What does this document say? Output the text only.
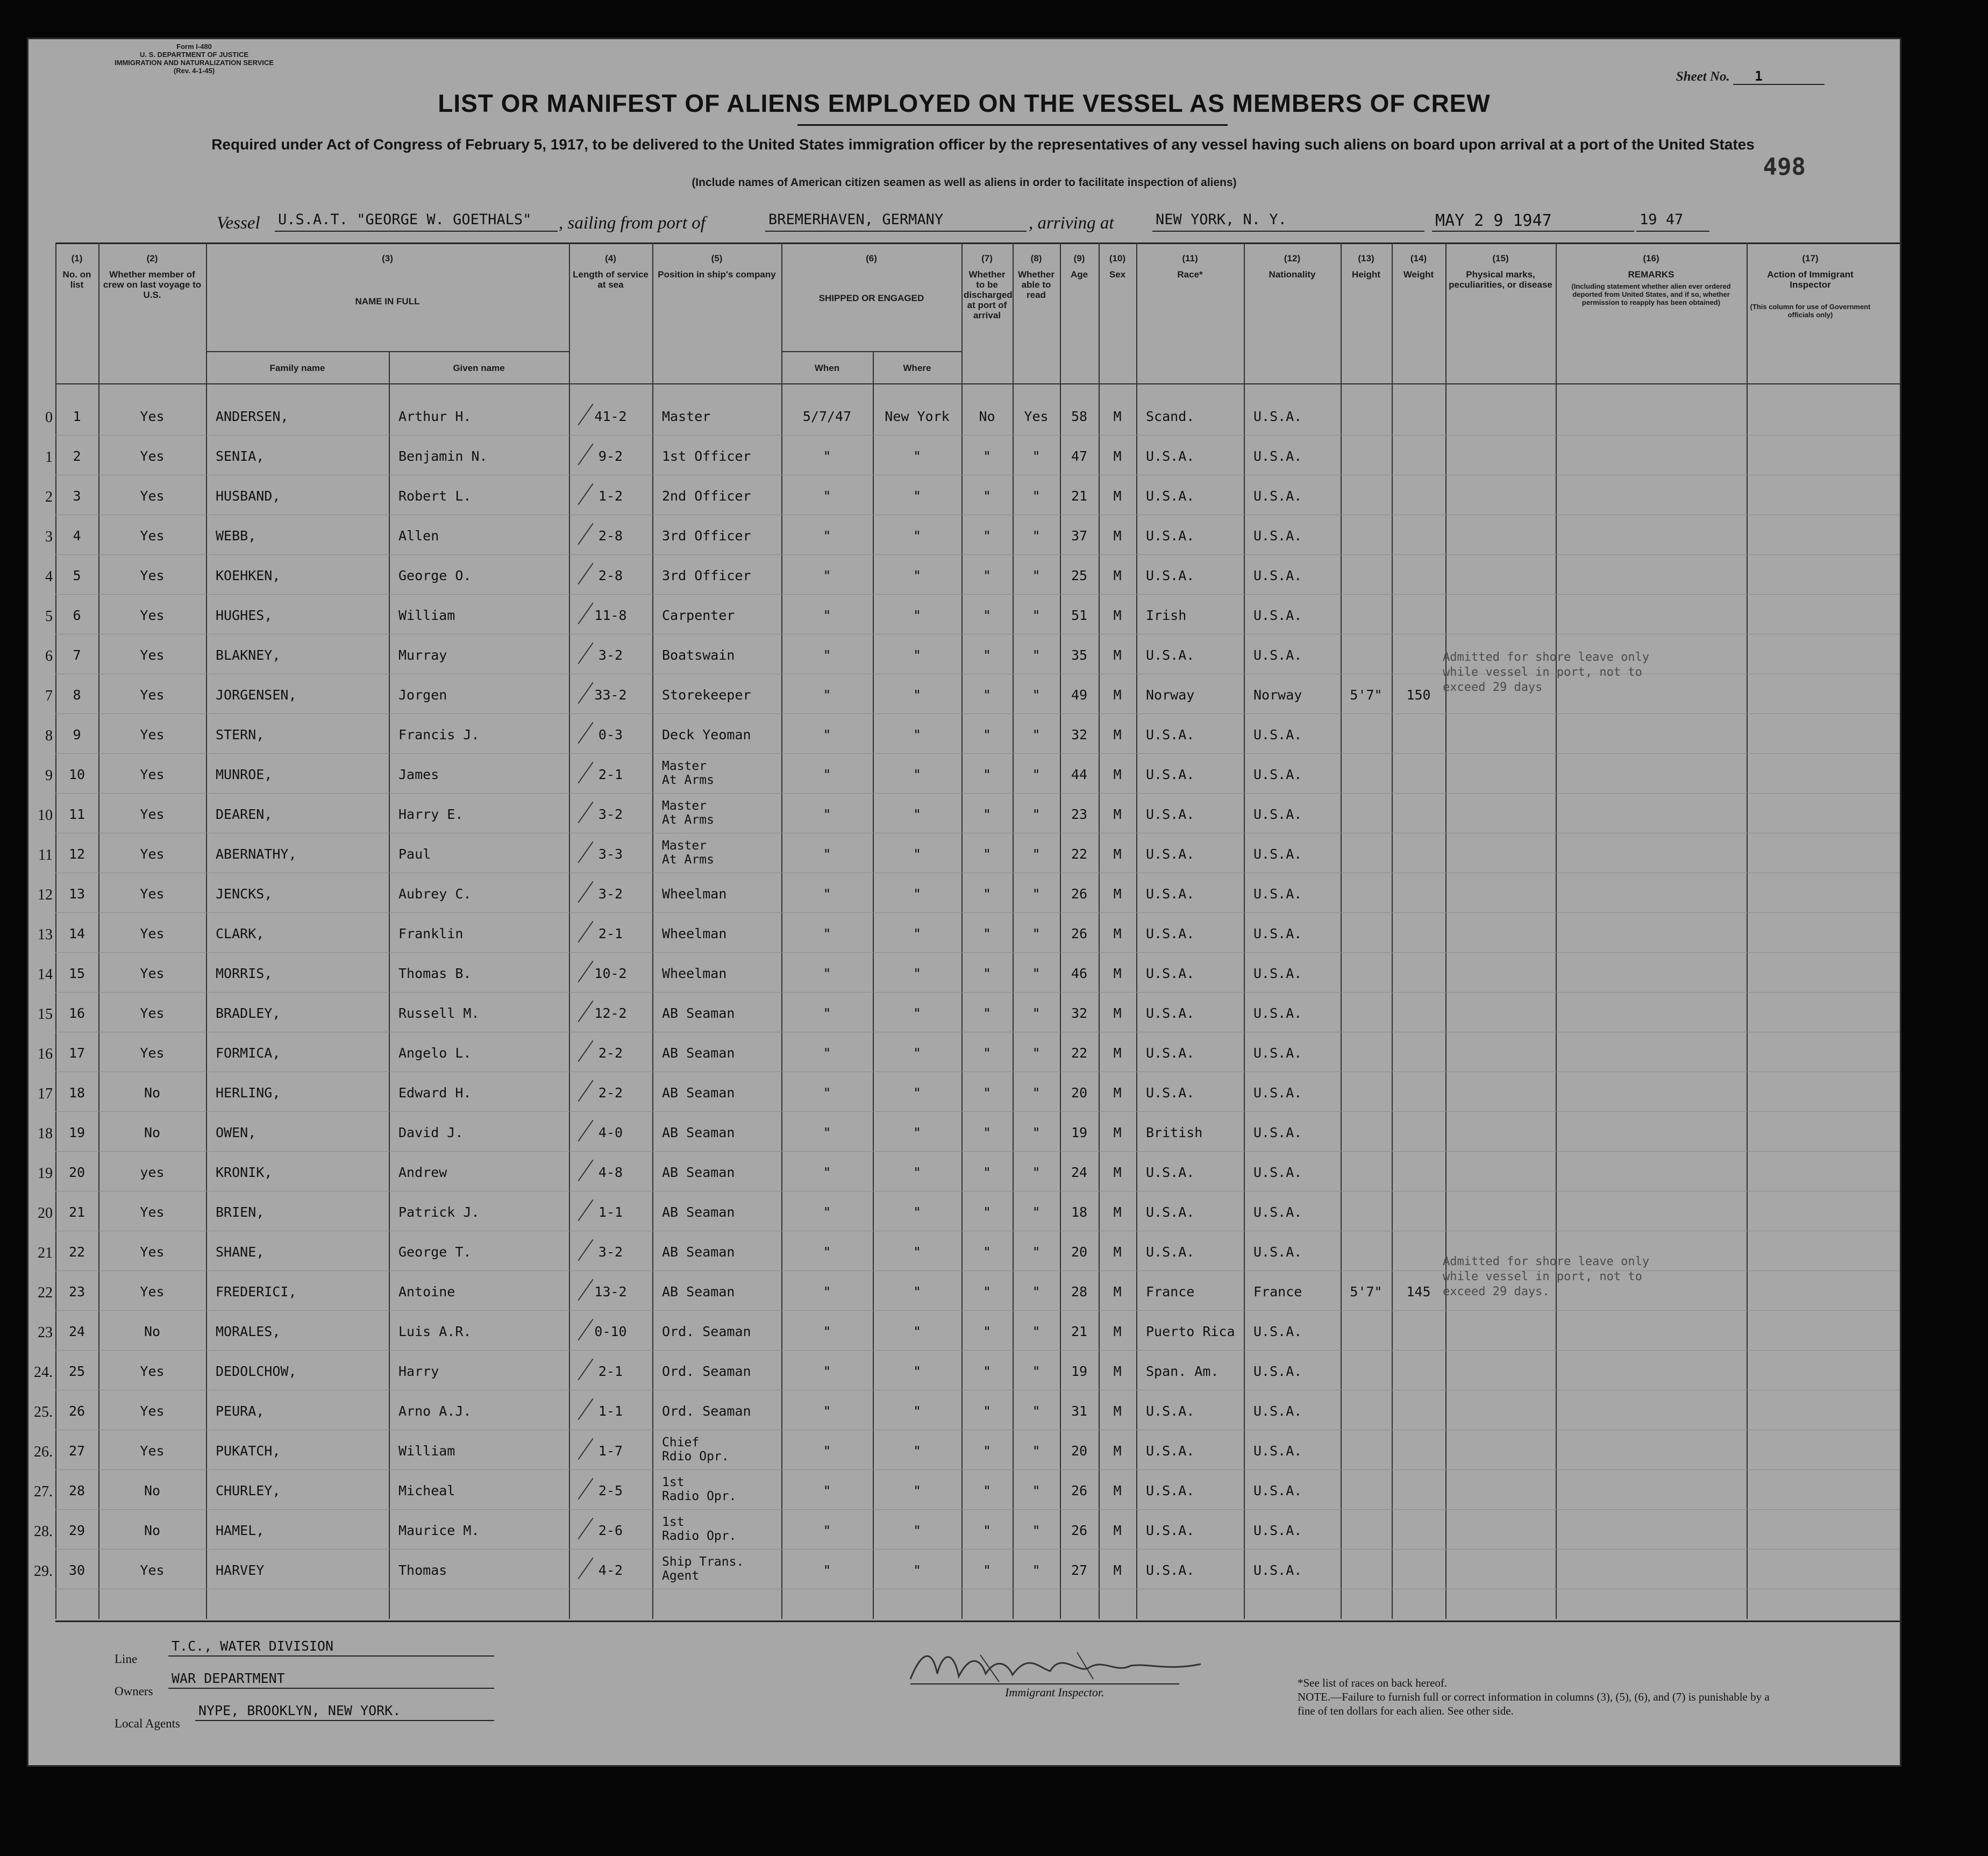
Form I-480
U. S. DEPARTMENT OF JUSTICE
IMMIGRATION AND NATURALIZATION SERVICE
(Rev. 4-1-45)	Sheet No. 1
498
LIST OR MANIFEST OF ALIENS EMPLOYED ON THE VESSEL AS MEMBERS OF CREW
Required under Act of Congress of February 5, 1917, to be delivered to the United States immigration officer by the representatives of any vessel having such aliens on board upon arrival at a port of the United States
(Include names of American citizen seamen as well as aliens in order to facilitate inspection of aliens)
Vessel U.S.A.T. "GEORGE W. GOETHALS"	, sailing from port of	BREMERHAVEN, GERMANY	, arriving at	NEW YORK, N. Y.	MAY 2 9 1947	19 47
(1)
No. on list
(2)
Whether member of crew on last voyage to U.S.
(4)
Length of service at sea
(5)
Position in ship's company
(7)
Whether to be discharged at port of arrival
(8)
Whether able to read
(9)
Age
(10)
Sex
(11)
Race*
(12)
Nationality
(13)
Height
(14)
Weight
(15)
Physical marks, peculiarities, or disease
(16)
REMARKS
(17)
Action of Immigrant Inspector
(Including statement whether alien ever ordered deported from United States, and if so, whether permission to reapply has been obtained)
(This column for use of Government officials only)
(3)
NAME IN FULL
Family name	Given name
(6)
SHIPPED OR ENGAGED
When	Where
0	1	Yes	ANDERSEN,	Arthur H.	41-2	Master	5/7/47	New York	No	Yes	58	M	Scand.	U.S.A.
1	2	Yes	SENIA,	Benjamin N.	9-2	1st Officer	"	"	"	"	47	M	U.S.A.	U.S.A.
2	3	Yes	HUSBAND,	Robert L.	1-2	2nd Officer	"	"	"	"	21	M	U.S.A.	U.S.A.
3	4	Yes	WEBB,	Allen	2-8	3rd Officer	"	"	"	"	37	M	U.S.A.	U.S.A.
4	5	Yes	KOEHKEN,	George O.	2-8	3rd Officer	"	"	"	"	25	M	U.S.A.	U.S.A.
5	6	Yes	HUGHES,	William	11-8	Carpenter	"	"	"	"	51	M	Irish	U.S.A.
6	7	Yes	BLAKNEY,	Murray	3-2	Boatswain	"	"	"	"	35	M	U.S.A.	U.S.A.
7	8	Yes	JORGENSEN,	Jorgen	33-2	Storekeeper	"	"	"	"	49	M	Norway	Norway	5'7"	150
8	9	Yes	STERN,	Francis J.	0-3	Deck Yeoman	"	"	"	"	32	M	U.S.A.	U.S.A.
9	10	Yes	MUNROE,	James	2-1
Master
At Arms	"	"	"	"	44	M	U.S.A.	U.S.A.
10	11	Yes	DEAREN,	Harry E.	3-2
Master
At Arms	"	"	"	"	23	M	U.S.A.	U.S.A.
11	12	Yes	ABERNATHY,	Paul	3-3
Master
At Arms	"	"	"	"	22	M	U.S.A.	U.S.A.
12	13	Yes	JENCKS,	Aubrey C.	3-2	Wheelman	"	"	"	"	26	M	U.S.A.	U.S.A.
13	14	Yes	CLARK,	Franklin	2-1	Wheelman	"	"	"	"	26	M	U.S.A.	U.S.A.
14	15	Yes	MORRIS,	Thomas B.	10-2	Wheelman	"	"	"	"	46	M	U.S.A.	U.S.A.
15	16	Yes	BRADLEY,	Russell M.	12-2	AB Seaman	"	"	"	"	32	M	U.S.A.	U.S.A.
16	17	Yes	FORMICA,	Angelo L.	2-2	AB Seaman	"	"	"	"	22	M	U.S.A.	U.S.A.
17	18	No	HERLING,	Edward H.	2-2	AB Seaman	"	"	"	"	20	M	U.S.A.	U.S.A.
18	19	No	OWEN,	David J.	4-0	AB Seaman	"	"	"	"	19	M	British	U.S.A.
19	20	yes	KRONIK,	Andrew	4-8	AB Seaman	"	"	"	"	24	M	U.S.A.	U.S.A.
20	21	Yes	BRIEN,	Patrick J.	1-1	AB Seaman	"	"	"	"	18	M	U.S.A.	U.S.A.
21	22	Yes	SHANE,	George T.	3-2	AB Seaman	"	"	"	"	20	M	U.S.A.	U.S.A.
22	23	Yes	FREDERICI,	Antoine	13-2	AB Seaman	"	"	"	"	28	M	France	France	5'7"	145
23	24	No	MORALES,	Luis A.R.	0-10	Ord. Seaman	"	"	"	"	21	M	Puerto Rica	U.S.A.
24.	25	Yes	DEDOLCHOW,	Harry	2-1	Ord. Seaman	"	"	"	"	19	M	Span. Am.	U.S.A.
25.	26	Yes	PEURA,	Arno A.J.	1-1	Ord. Seaman	"	"	"	"	31	M	U.S.A.	U.S.A.
26.	27	Yes	PUKATCH,	William	1-7
Chief
Rdio Opr.	"	"	"	"	20	M	U.S.A.	U.S.A.
27.	28	No	CHURLEY,	Micheal	2-5
1st
Radio Opr.	"	"	"	"	26	M	U.S.A.	U.S.A.
28.	29	No	HAMEL,	Maurice M.	2-6
1st
Radio Opr.	"	"	"	"	26	M	U.S.A.	U.S.A.
29.	30	Yes	HARVEY	Thomas	4-2
Ship Trans.
Agent	"	"	"	"	27	M	U.S.A.	U.S.A.
Admitted for shore leave only
while vessel in port, not to
exceed 29 days
Admitted for shore leave only
while vessel in port, not to
exceed 29 days.
Line
T.C., WATER DIVISION
Owners
WAR DEPARTMENT
Local Agents
NYPE, BROOKLYN, NEW YORK.
Immigrant Inspector.
*See list of races on back hereof.
NOTE.—Failure to furnish full or correct information in columns (3), (5), (6), and (7) is punishable by a fine of ten dollars for each alien. See other side.
